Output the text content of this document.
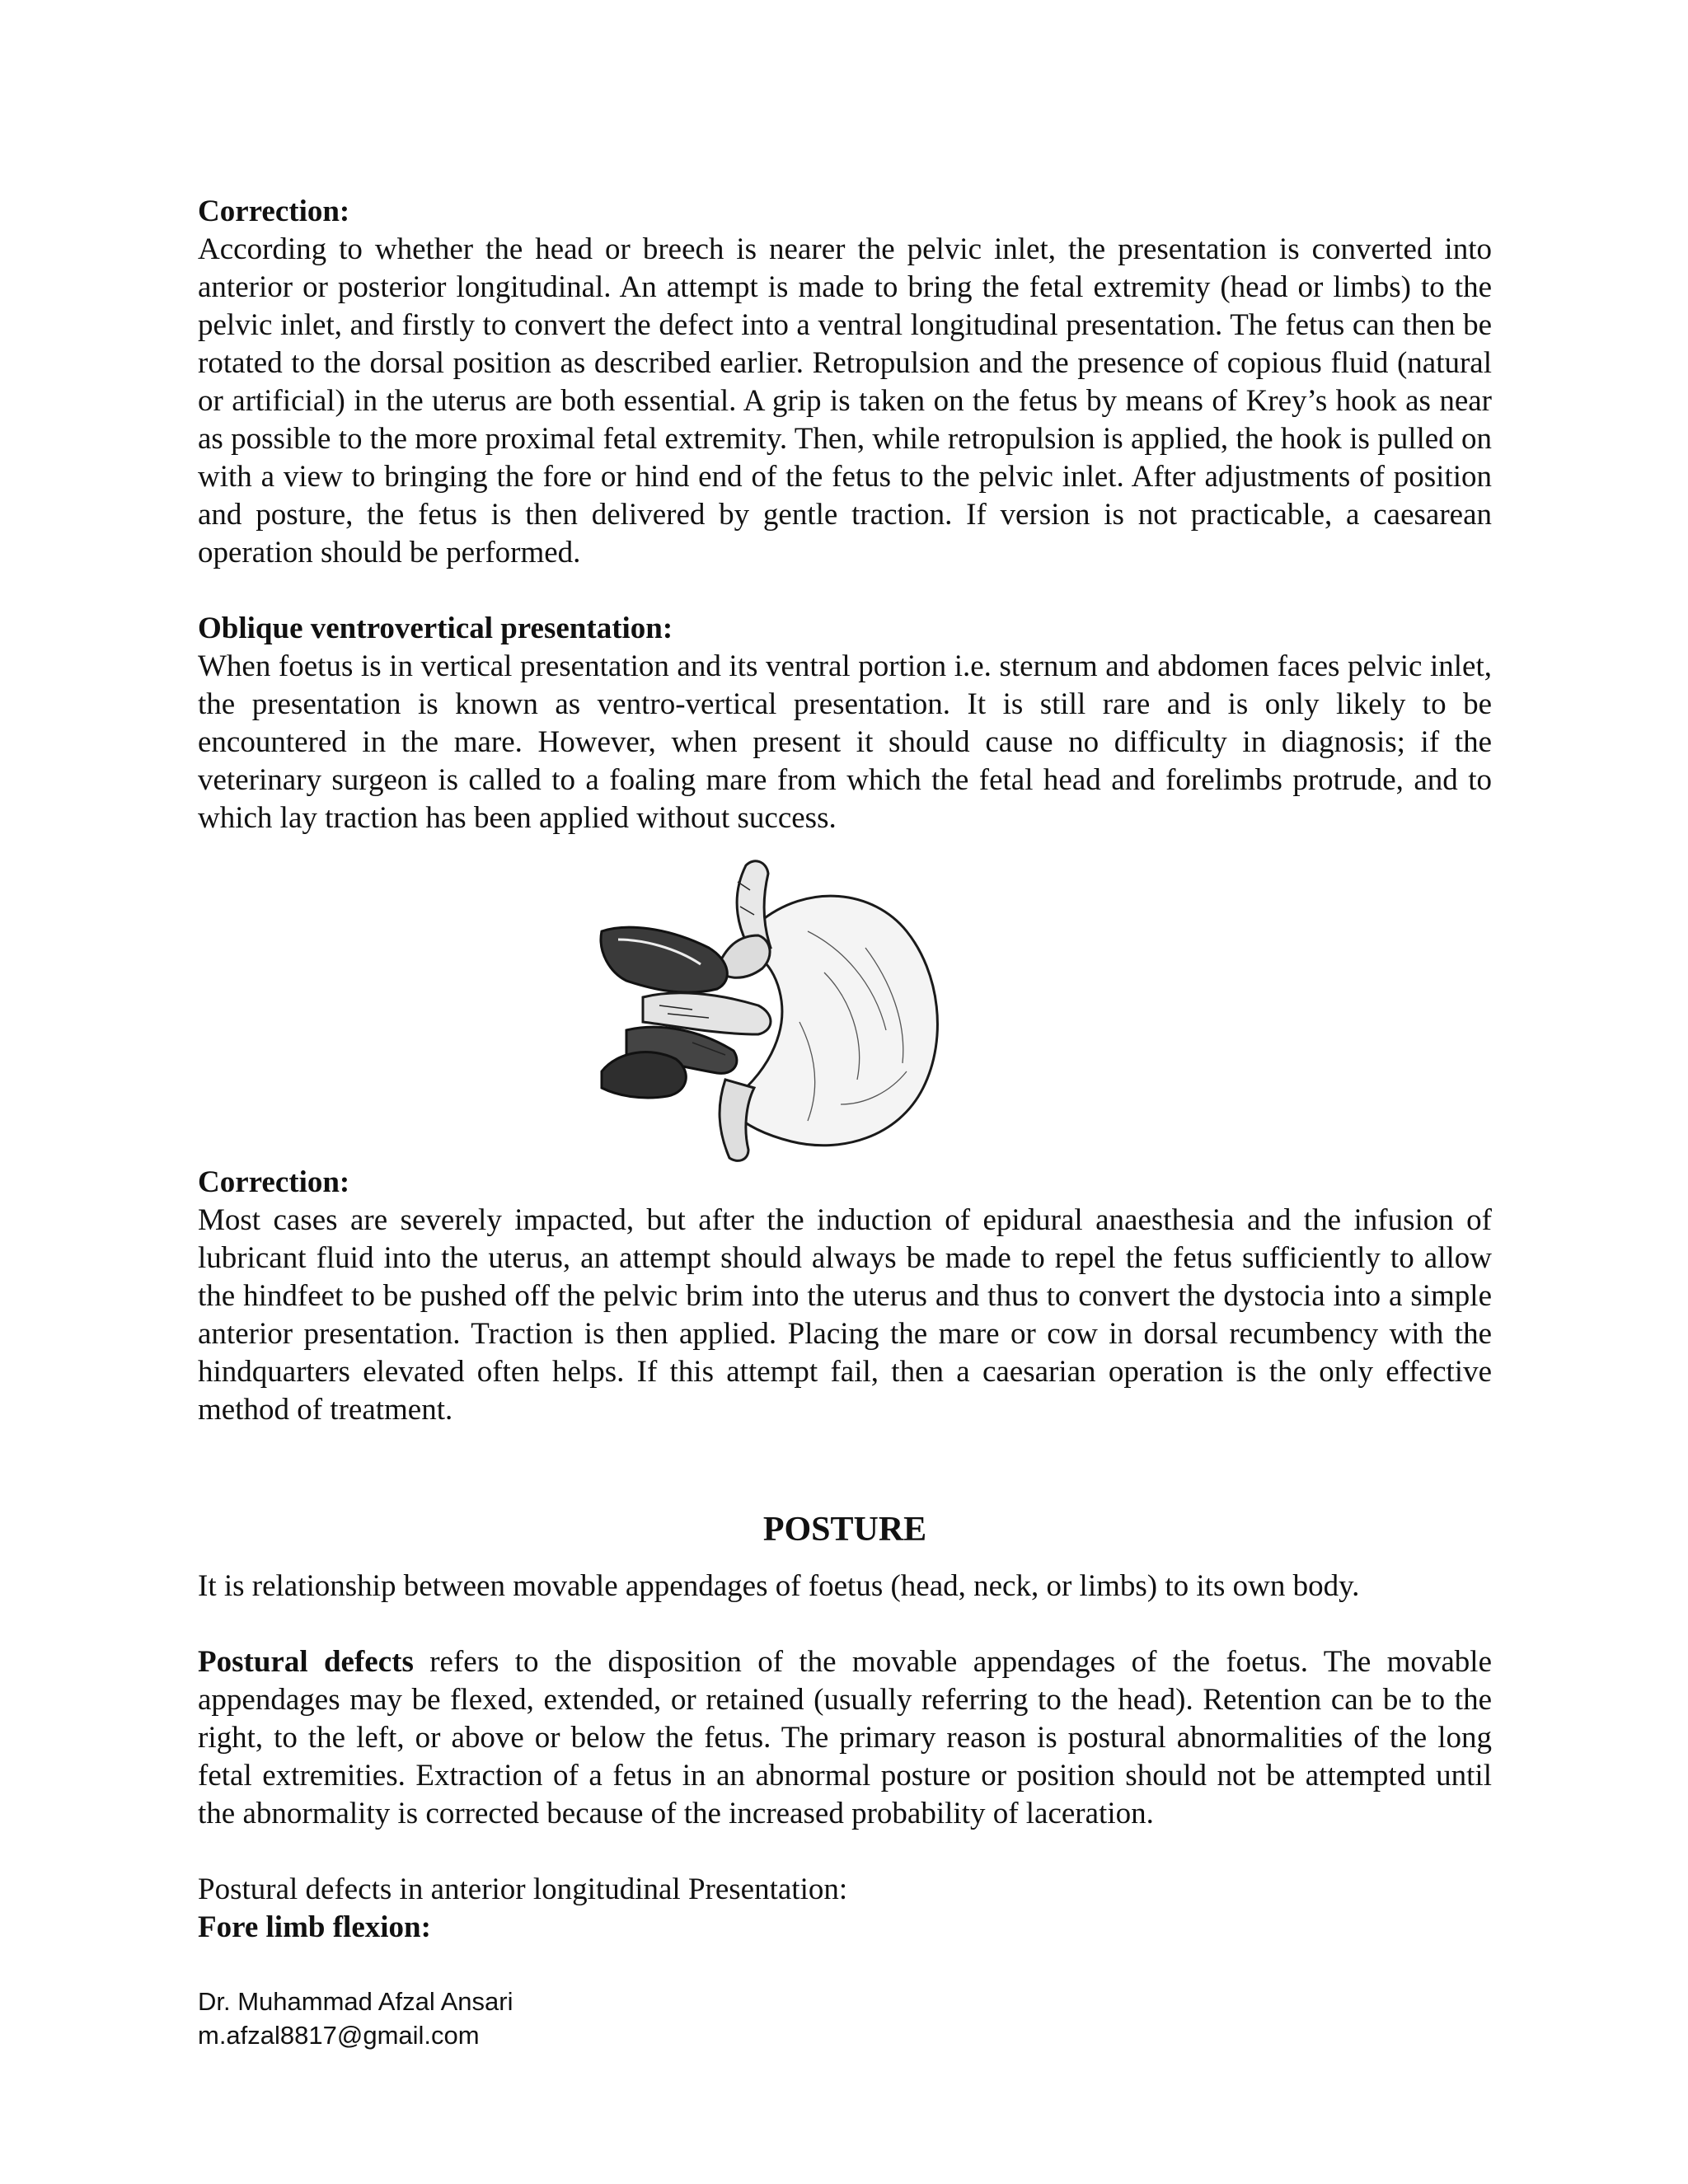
Correction:

According to whether the head or breech is nearer the pelvic inlet, the presentation is converted into anterior or posterior longitudinal. An attempt is made to bring the fetal extremity (head or limbs) to the pelvic inlet, and firstly to convert the defect into a ventral longitudinal presentation. The fetus can then be rotated to the dorsal position as described earlier. Retropulsion and the presence of copious fluid (natural or artificial) in the uterus are both essential. A grip is taken on the fetus by means of Krey’s hook as near as possible to the more proximal fetal extremity. Then, while retropulsion is applied, the hook is pulled on with a view to bringing the fore or hind end of the fetus to the pelvic inlet. After adjustments of position and posture, the fetus is then delivered by gentle traction. If version is not practicable, a caesarean operation should be performed.

Oblique ventrovertical presentation:

When foetus is in vertical presentation and its ventral portion i.e. sternum and abdomen faces pelvic inlet, the presentation is known as ventro-vertical presentation. It is still rare and is only likely to be encountered in the mare. However, when present it should cause no difficulty in diagnosis; if the veterinary surgeon is called to a foaling mare from which the fetal head and forelimbs protrude, and to which lay traction has been applied without success.

Correction:

Most cases are severely impacted, but after the induction of epidural anaesthesia and the infusion of lubricant fluid into the uterus, an attempt should always be made to repel the fetus sufficiently to allow the hindfeet to be pushed off the pelvic brim into the uterus and thus to convert the dystocia into a simple anterior presentation. Traction is then applied. Placing the mare or cow in dorsal recumbency with the hindquarters elevated often helps. If this attempt fail, then a caesarian operation is the only effective method of treatment.

POSTURE

It is relationship between movable appendages of foetus (head, neck, or limbs) to its own body.

Postural defects refers to the disposition of the movable appendages of the foetus. The movable appendages may be flexed, extended, or retained (usually referring to the head). Retention can be to the right, to the left, or above or below the fetus. The primary reason is postural abnormalities of the long fetal extremities. Extraction of a fetus in an abnormal posture or position should not be attempted until the abnormality is corrected because of the increased probability of laceration.

Postural defects in anterior longitudinal Presentation:

Fore limb flexion:

Dr. Muhammad Afzal Ansari
m.afzal8817@gmail.com
